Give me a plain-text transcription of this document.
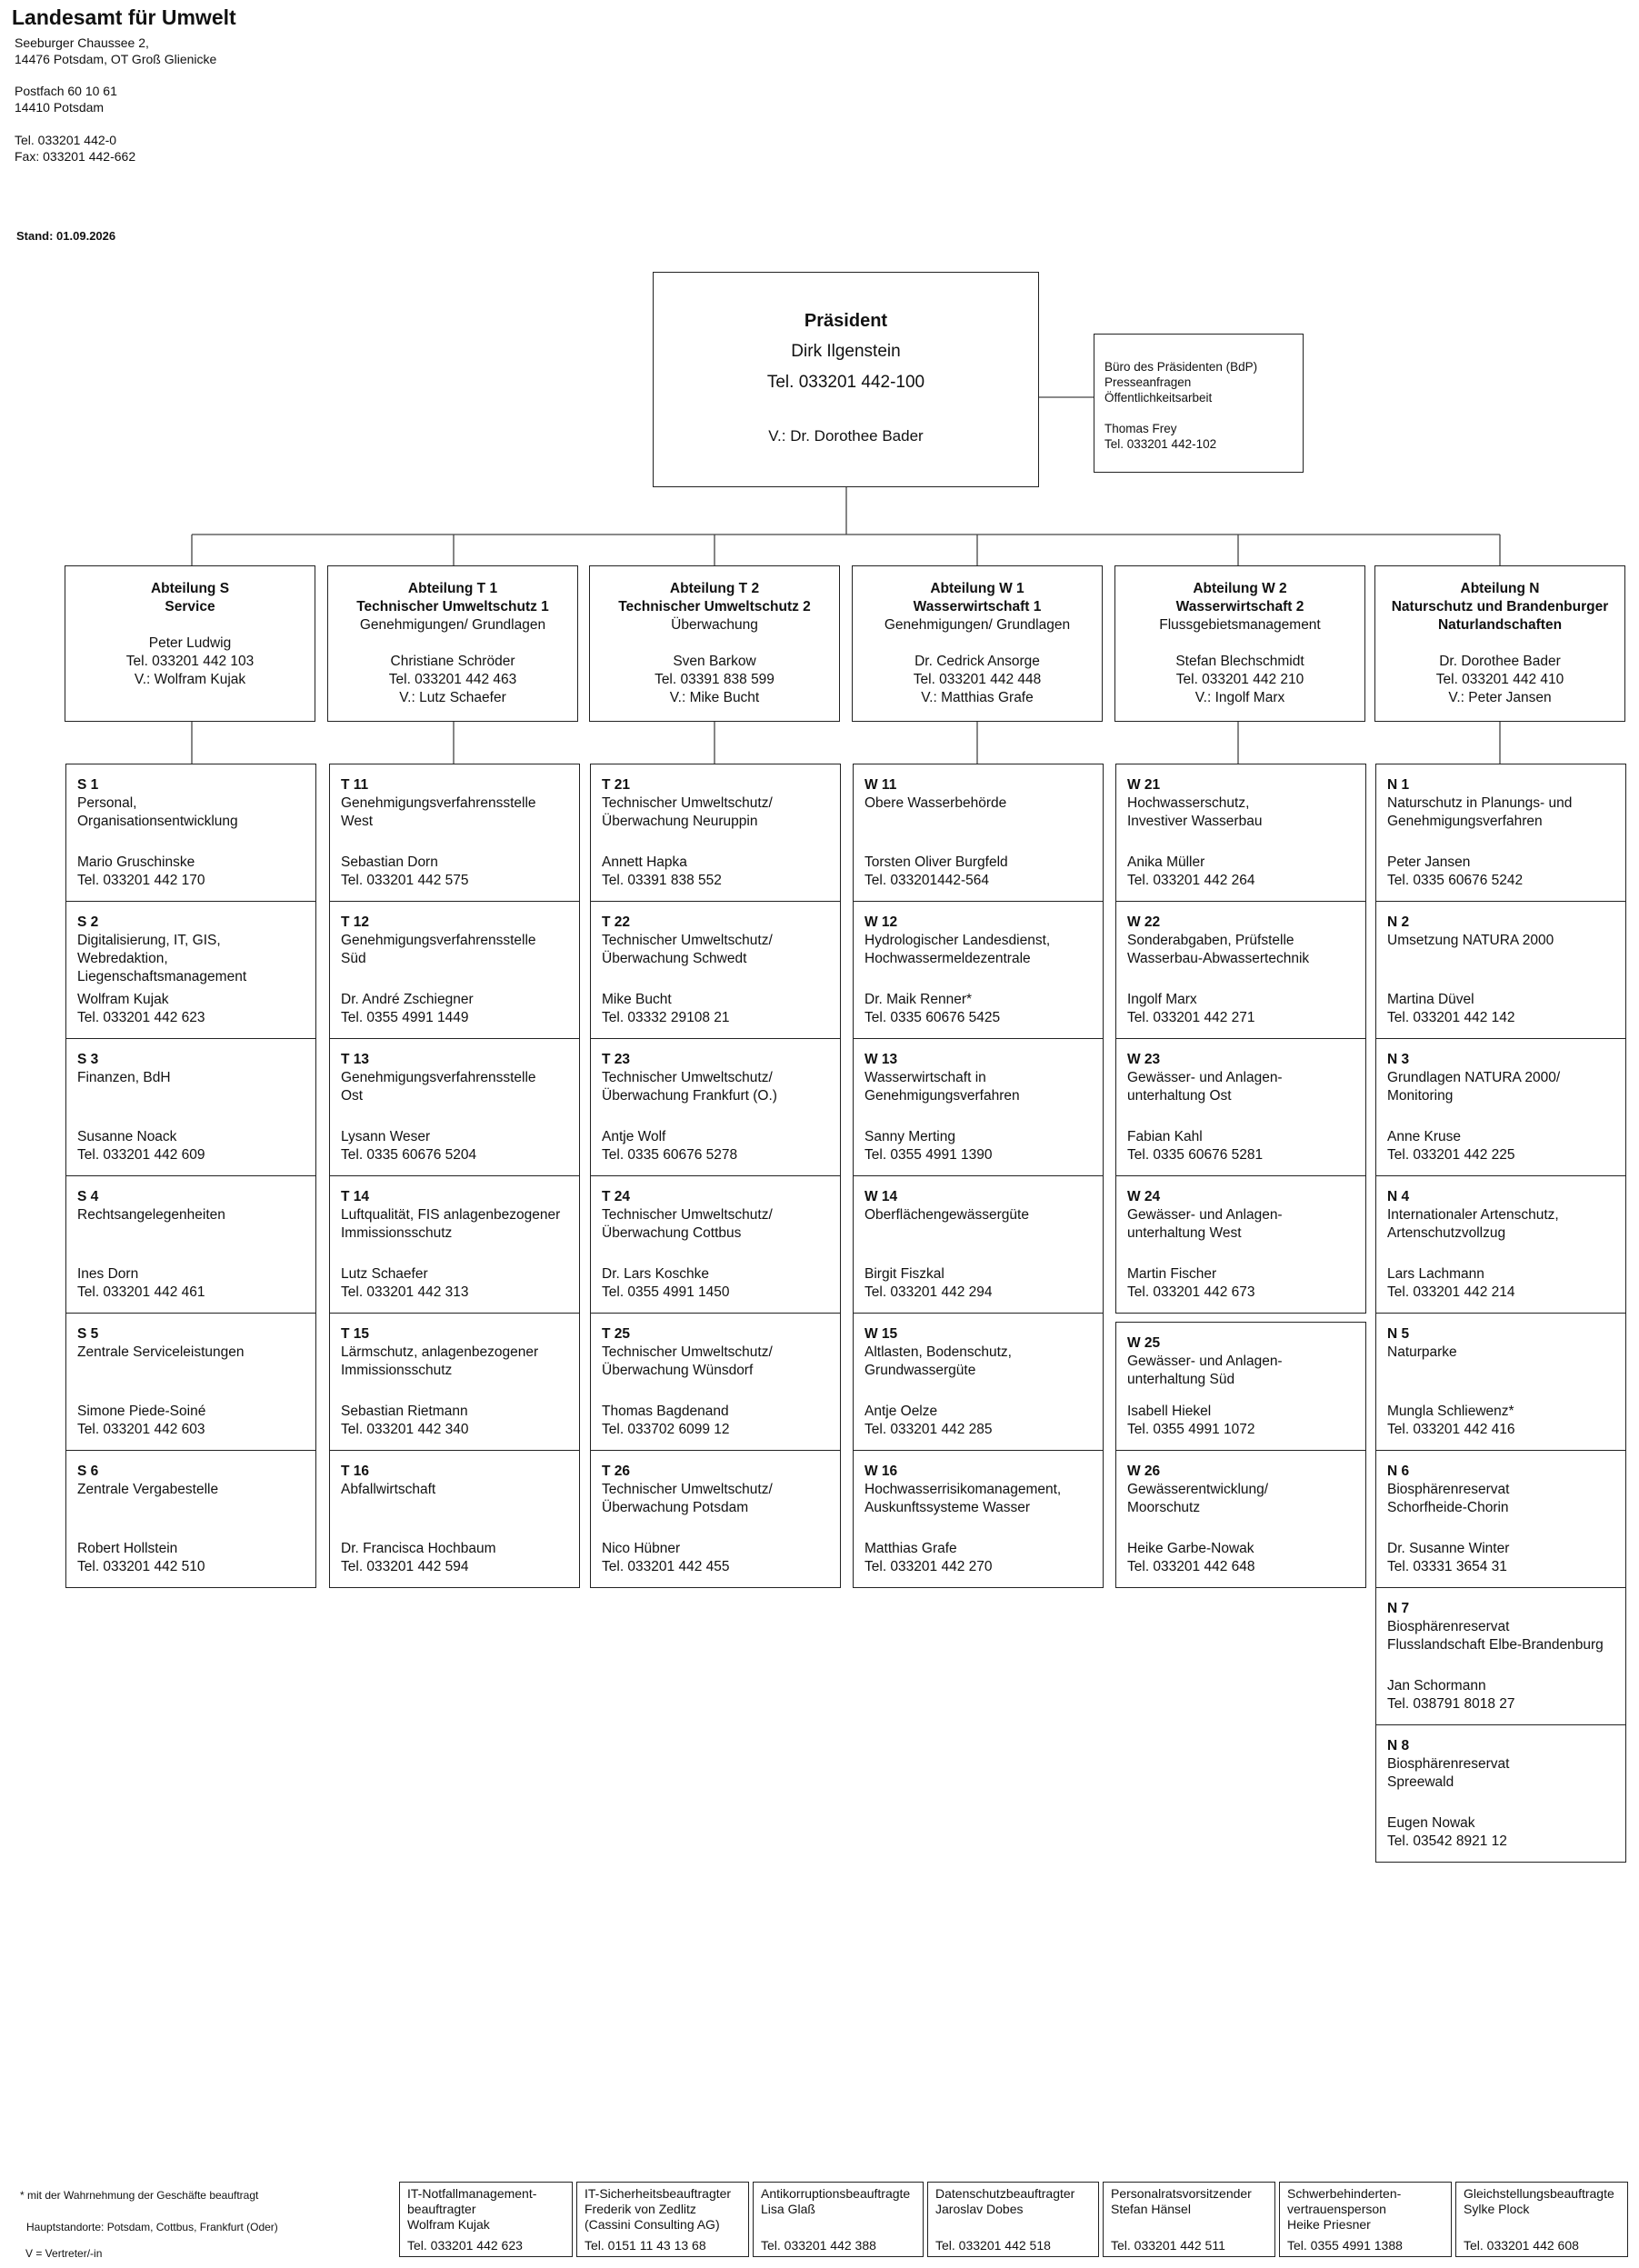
Landesamt für Umwelt
Seeburger Chaussee 2,
14476 Potsdam, OT Groß Glienicke
Postfach 60 10 61
14410 Potsdam
Tel. 033201 442-0
Fax: 033201 442-662
Stand: 01.09.2026
Präsident
Dirk Ilgenstein
Tel. 033201 442-100
V.: Dr. Dorothee Bader
Büro des Präsidenten (BdP)
Presseanfragen
Öffentlichkeitsarbeit
Thomas Frey
Tel. 033201 442-102
Abteilung S
Service
Peter Ludwig
Tel. 033201 442 103
V.: Wolfram Kujak
Abteilung T 1
Technischer Umweltschutz 1
Genehmigungen/ Grundlagen
Christiane Schröder
Tel. 033201 442 463
V.: Lutz Schaefer
Abteilung T 2
Technischer Umweltschutz 2
Überwachung
Sven Barkow
Tel. 03391 838 599
V.: Mike Bucht
Abteilung W 1
Wasserwirtschaft 1
Genehmigungen/ Grundlagen
Dr. Cedrick Ansorge
Tel. 033201 442 448
V.: Matthias Grafe
Abteilung W 2
Wasserwirtschaft 2
Flussgebietsmanagement
Stefan Blechschmidt
Tel. 033201 442 210
V.: Ingolf Marx
Abteilung N
Naturschutz und Brandenburger
Naturlandschaften
Dr. Dorothee Bader
Tel. 033201 442 410
V.: Peter Jansen
S 1
Personal,
Organisationsentwicklung
Mario Gruschinske
Tel. 033201 442 170
S 2
Digitalisierung, IT, GIS,
Webredaktion,
Liegenschaftsmanagement
Wolfram Kujak
Tel. 033201 442 623
S 3
Finanzen, BdH
Susanne Noack
Tel. 033201 442 609
S 4
Rechtsangelegenheiten
Ines Dorn
Tel. 033201 442 461
S 5
Zentrale Serviceleistungen
Simone Piede-Soiné
Tel. 033201 442 603
S 6
Zentrale Vergabestelle
Robert Hollstein
Tel. 033201 442 510
T 11
Genehmigungsverfahrensstelle
West
Sebastian Dorn
Tel. 033201 442 575
T 12
Genehmigungsverfahrensstelle
Süd
Dr. André Zschiegner
Tel. 0355 4991 1449
T 13
Genehmigungsverfahrensstelle
Ost
Lysann Weser
Tel. 0335 60676 5204
T 14
Luftqualität, FIS anlagenbezogener
Immissionsschutz
Lutz Schaefer
Tel. 033201 442 313
T 15
Lärmschutz, anlagenbezogener
Immissionsschutz
Sebastian Rietmann
Tel. 033201 442 340
T 16
Abfallwirtschaft
Dr. Francisca Hochbaum
Tel. 033201 442 594
T 21
Technischer Umweltschutz/
Überwachung Neuruppin
Annett Hapka
Tel. 03391 838 552
T 22
Technischer Umweltschutz/
Überwachung Schwedt
Mike Bucht
Tel. 03332 29108 21
T 23
Technischer Umweltschutz/
Überwachung Frankfurt (O.)
Antje Wolf
Tel. 0335 60676 5278
T 24
Technischer Umweltschutz/
Überwachung Cottbus
Dr. Lars Koschke
Tel. 0355 4991 1450
T 25
Technischer Umweltschutz/
Überwachung Wünsdorf
Thomas Bagdenand
Tel. 033702 6099 12
T 26
Technischer Umweltschutz/
Überwachung Potsdam
Nico Hübner
Tel. 033201 442 455
W 11
Obere Wasserbehörde
Torsten Oliver Burgfeld
Tel. 033201442-564
W 12
Hydrologischer Landesdienst,
Hochwassermeldezentrale
Dr. Maik Renner*
Tel. 0335 60676 5425
W 13
Wasserwirtschaft in
Genehmigungsverfahren
Sanny Merting
Tel. 0355 4991 1390
W 14
Oberflächengewässergüte
Birgit Fiszkal
Tel. 033201 442 294
W 15
Altlasten, Bodenschutz,
Grundwassergüte
Antje Oelze
Tel. 033201 442 285
W 16
Hochwasserrisikomanagement,
Auskunftssysteme Wasser
Matthias Grafe
Tel. 033201 442 270
W 21
Hochwasserschutz,
Investiver Wasserbau
Anika Müller
Tel. 033201 442 264
W 22
Sonderabgaben, Prüfstelle
Wasserbau-Abwassertechnik
Ingolf Marx
Tel. 033201 442 271
W 23
Gewässer- und Anlagen-
unterhaltung Ost
Fabian Kahl
Tel. 0335 60676 5281
W 24
Gewässer- und Anlagen-
unterhaltung West
Martin Fischer
Tel. 033201 442 673
W 25
Gewässer- und Anlagen-
unterhaltung Süd
Isabell Hiekel
Tel. 0355 4991 1072
W 26
Gewässerentwicklung/
Moorschutz
Heike Garbe-Nowak
Tel. 033201 442 648
N 1
Naturschutz in Planungs- und
Genehmigungsverfahren
Peter Jansen
Tel. 0335 60676 5242
N 2
Umsetzung NATURA 2000
Martina Düvel
Tel. 033201 442 142
N 3
Grundlagen NATURA 2000/
Monitoring
Anne Kruse
Tel. 033201 442 225
N 4
Internationaler Artenschutz,
Artenschutzvollzug
Lars Lachmann
Tel. 033201 442 214
N 5
Naturparke
Mungla Schliewenz*
Tel. 033201 442 416
N 6
Biosphärenreservat
Schorfheide-Chorin
Dr. Susanne Winter
Tel. 03331 3654 31
N 7
Biosphärenreservat
Flusslandschaft Elbe-Brandenburg
Jan Schormann
Tel. 038791 8018 27
N 8
Biosphärenreservat
Spreewald
Eugen Nowak
Tel. 03542 8921 12
* mit der Wahrnehmung der Geschäfte beauftragt
Hauptstandorte: Potsdam, Cottbus, Frankfurt (Oder)
V = Vertreter/-in
IT-Notfallmanagement-
beauftragter
Wolfram Kujak
Tel. 033201 442 623
IT-Sicherheitsbeauftragter
Frederik von Zedlitz
(Cassini Consulting AG)
Tel. 0151 11 43 13 68
Antikorruptionsbeauftragte
Lisa Glaß
Tel. 033201 442 388
Datenschutzbeauftragter
Jaroslav Dobes
Tel. 033201 442 518
Personalratsvorsitzender
Stefan Hänsel
Tel. 033201 442 511
Schwerbehinderten-
vertrauensperson
Heike Priesner
Tel. 0355 4991 1388
Gleichstellungsbeauftragte
Sylke Plock
Tel. 033201 442 608
